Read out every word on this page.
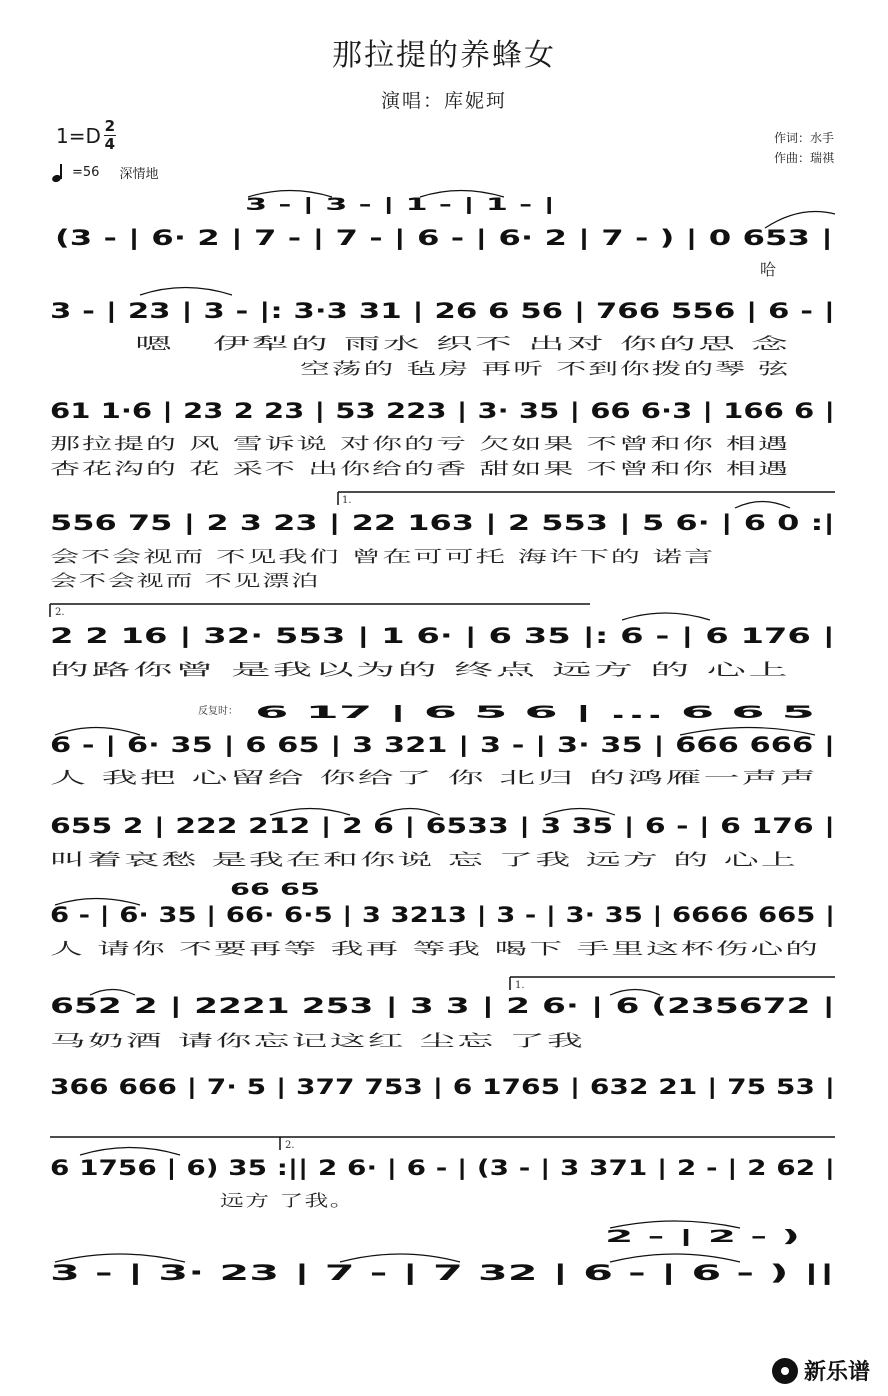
那拉提的养蜂女
演唱：库妮珂
$1=D \frac{2}{4}$
=56 深情地
作词：水手
作曲：瑞祺
3 - | 3 - | 1 - | 1 - |
(3 - | 6· 2 | 7 - | 7 - | 6 - | 6· 2 | 7 - ) | 0 653 |
哈
3 - | 23 | 3 - |: 3·3 31 | 26 6 56 | 766 556 | 6 - |
嗯　伊犁的 雨水 织不 出对 你的思 念
空荡的 毡房 再听 不到你拨的琴 弦
61 1·6 | 23 2 23 | 53 223 | 3· 35 | 66 6·3 | 166 6 |
那拉提的 风 雪诉说 对你的亏 欠如果 不曾和你 相遇
杏花沟的 花 采不 出你给的香 甜如果 不曾和你 相遇
1.
556 75 | 2 3 23 | 22 163 | 2 553 | 5 6· | 6 0 :|
会不会视而 不见我们 曾在可可托 海许下的 诺言
会不会视而 不见漂泊
2.
2 2 16 | 32· 553 | 1 6· | 6 35 |: 6 - | 6 176 |
的路你曾 是我以为的 终点 远方 的 心上
反复时： 6 17 | 6 5 6 | ... 6 6 5
6 - | 6· 35 | 6 65 | 3 321 | 3 - | 3· 35 | 666 666 |
人 我把 心留给 你给了 你 北归 的鸿雁一声声
655 2 | 222 212 | 2 6 | 6533 | 3 35 | 6 - | 6 176 |
叫着哀愁 是我在和你说 忘 了我 远方 的 心上
66 65
6 - | 6· 35 | 66· 6·5 | 3 3213 | 3 - | 3· 35 | 6666 665 |
人 请你 不要再等 我再 等我 喝下 手里这杯伤心的
1.
652 2 | 2221 253 | 3 3 | 2 6· | 6 (235672 |
马奶酒 请你忘记这红 尘忘 了我
366 666 | 7· 5 | 377 753 | 6 1765 | 632 21 | 75 53 |
2.
6 1756 | 6) 35 :|| 2 6· | 6 - | (3 - | 3 371 | 2 - | 2 62 |
远方 了我。
2 - | 2 - )
3 - | 3· 23 | 7 - | 7 32 | 6 - | 6 - ) ||
新乐谱
